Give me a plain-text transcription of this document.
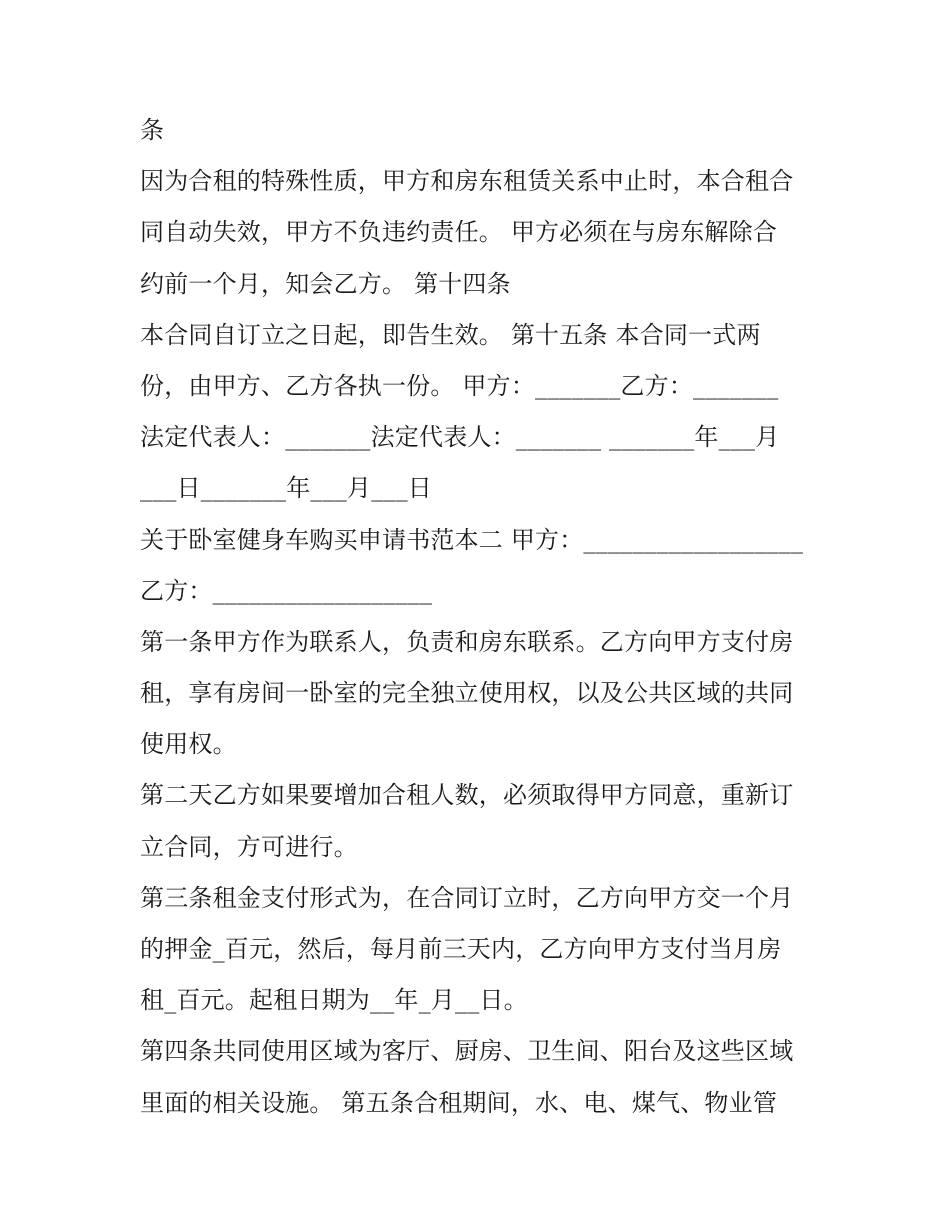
条
因为合租的特殊性质，甲方和房东租赁关系中止时，本合租合
同自动失效，甲方不负违约责任。 甲方必须在与房东解除合
约前一个月，知会乙方。 第十四条
本合同自订立之日起，即告生效。 第十五条 本合同一式两
份，由甲方、乙方各执一份。 甲方：_______乙方：_______
法定代表人：_______法定代表人：_______ _______年___月
___日_______年___月___日
关于卧室健身车购买申请书范本二 甲方：__________________
乙方：__________________
第一条甲方作为联系人，负责和房东联系。乙方向甲方支付房
租，享有房间一卧室的完全独立使用权，以及公共区域的共同
使用权。
第二天乙方如果要增加合租人数，必须取得甲方同意，重新订
立合同，方可进行。
第三条租金支付形式为，在合同订立时，乙方向甲方交一个月
的押金_百元，然后，每月前三天内，乙方向甲方支付当月房
租_百元。起租日期为__年_月__日。
第四条共同使用区域为客厅、厨房、卫生间、阳台及这些区域
里面的相关设施。 第五条合租期间，水、电、煤气、物业管
